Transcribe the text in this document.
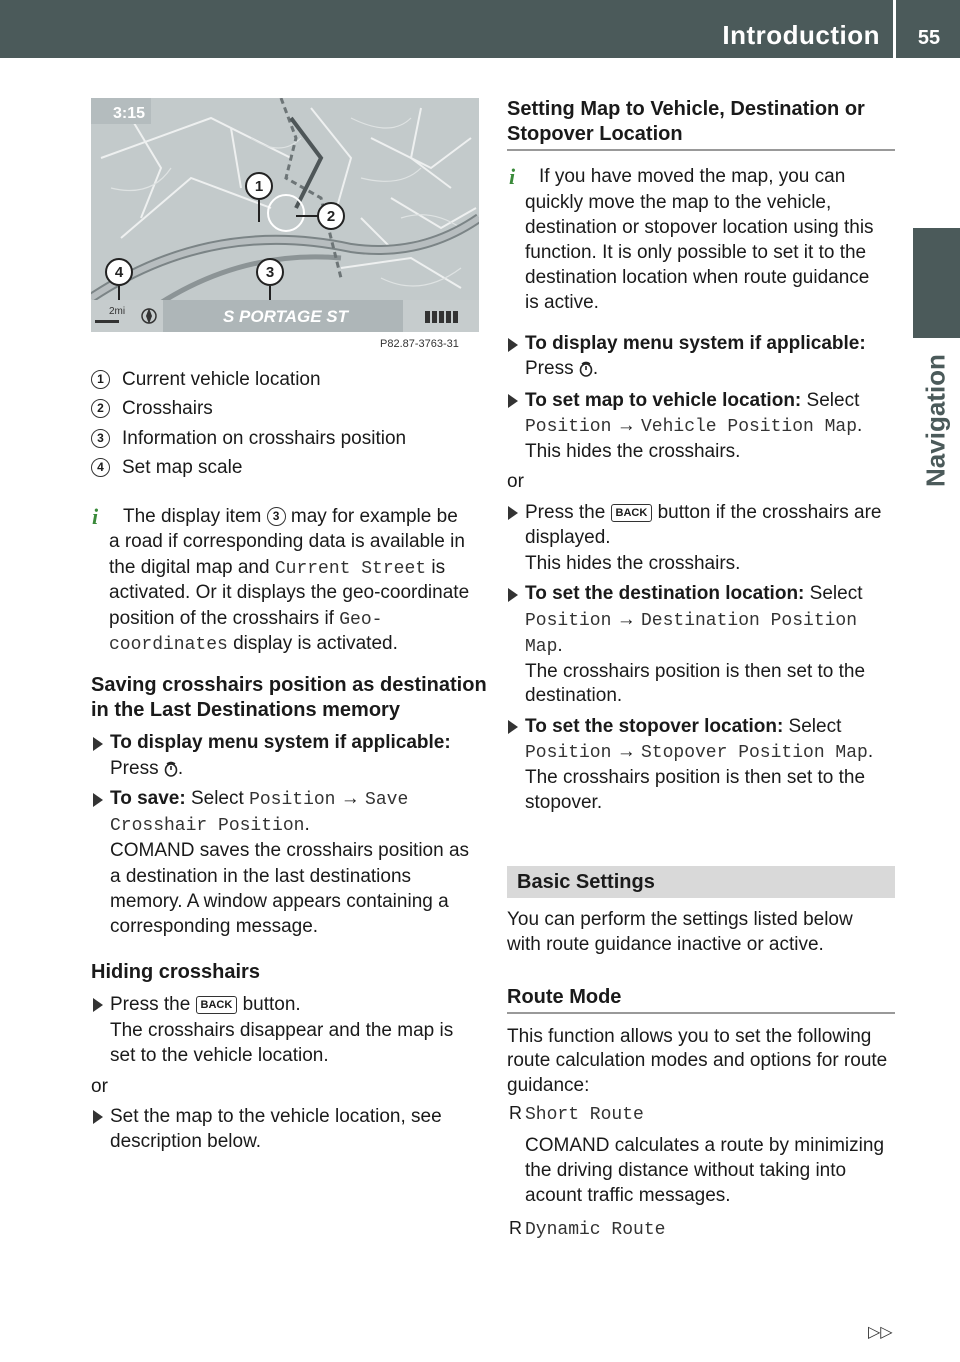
Introduction	55
Navigation
3:15
2mi	S PORTAGE ST
1
2
3
4
P82.87-3763-31
1 Current vehicle location
2 Crosshairs
3 Information on crosshairs position
4 Set map scale
i	The display item 3 may for example be
a road if corresponding data is available in
the digital map and Current Street is
activated. Or it displays the geo-coordinate
position of the crosshairs if Geo-
coordinates display is activated.
Saving crosshairs position as destination
in the Last Destinations memory
To display menu system if applicable:
Press .
To save: Select Position → Save
Crosshair Position.
COMAND saves the crosshairs position as
a destination in the last destinations
memory. A window appears containing a
corresponding message.
Hiding crosshairs
Press the BACK button.
The crosshairs disappear and the map is
set to the vehicle location.
or
Set the map to the vehicle location, see
description below.
Setting Map to Vehicle, Destination or
Stopover Location
i	If you have moved the map, you can
quickly move the map to the vehicle,
destination or stopover location using this
function. It is only possible to set it to the
destination location when route guidance
is active.
To display menu system if applicable:
Press .
To set map to vehicle location: Select
Position → Vehicle Position Map.
This hides the crosshairs.
or
Press the BACK button if the crosshairs are
displayed.
This hides the crosshairs.
To set the destination location: Select
Position → Destination Position
Map.
The crosshairs position is then set to the
destination.
To set the stopover location: Select
Position → Stopover Position Map.
The crosshairs position is then set to the
stopover.
Basic Settings
You can perform the settings listed below
with route guidance inactive or active.
Route Mode
This function allows you to set the following
route calculation modes and options for route
guidance:
R Short Route
COMAND calculates a route by minimizing
the driving distance without taking into
acount traffic messages.
R Dynamic Route
▷▷
